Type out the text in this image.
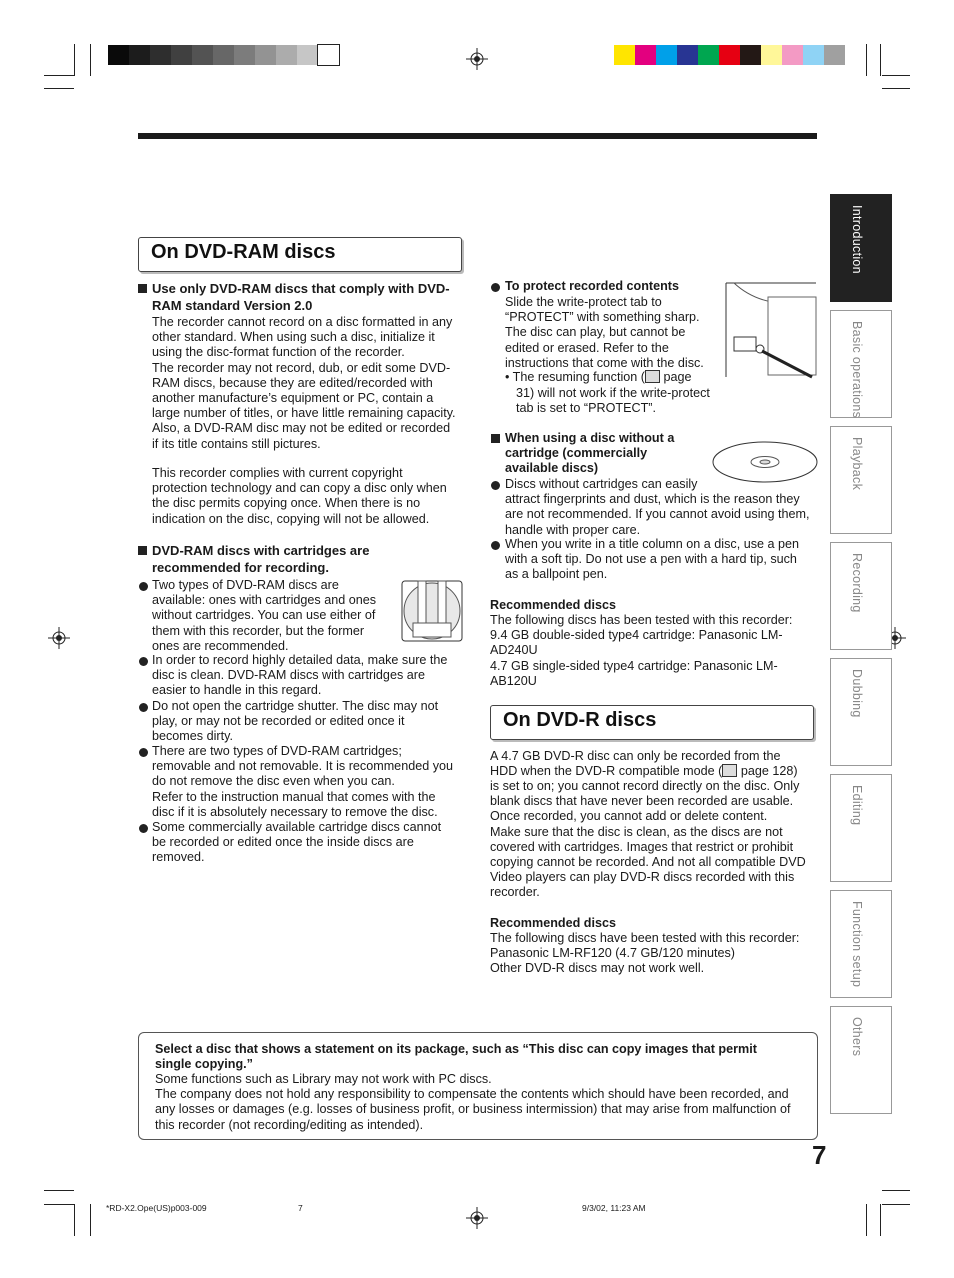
Introduction
Basic operations
Playback
Recording
Dubbing
Editing
Function setup
Others
On DVD-RAM discs
Use only DVD-RAM discs that comply with DVD-
RAM standard Version 2.0
The recorder cannot record on a disc formatted in any
other standard. When using such a disc, initialize it
using the disc-format function of the recorder.
The recorder may not record, dub, or edit some DVD-
RAM discs, because they are edited/recorded with
another manufacture’s equipment or PC, contain a
large number of titles, or have little remaining capacity.
Also, a DVD-RAM disc may not be edited or recorded
if its title contains still pictures.
This recorder complies with current copyright
protection technology and can copy a disc only when
the disc permits copying once. When there is no
indication on the disc, copying will not be allowed.
DVD-RAM discs with cartridges are
recommended for recording.
Two types of DVD-RAM discs are
available: ones with cartridges and ones
without cartridges. You can use either of
them with this recorder, but the former
ones are recommended.
In order to record highly detailed data, make sure the
disc is clean. DVD-RAM discs with cartridges are
easier to handle in this regard.
Do not open the cartridge shutter. The disc may not
play, or may not be recorded or edited once it
becomes dirty.
There are two types of DVD-RAM cartridges;
removable and not removable. It is recommended you
do not remove the disc even when you can.
Refer to the instruction manual that comes with the
disc if it is absolutely necessary to remove the disc.
Some commercially available cartridge discs cannot
be recorded or edited once the inside discs are
removed.
To protect recorded contents
Slide the write-protect tab to
“PROTECT” with something sharp.
The disc can play, but cannot be
edited or erased. Refer to the
instructions that come with the disc.
• The resuming function ( page
31) will not work if the write-protect
tab is set to “PROTECT”.
When using a disc without a
cartridge (commercially
available discs)
Discs without cartridges can easily
attract fingerprints and dust, which is the reason they
are not recommended. If you cannot avoid using them,
handle with proper care.
When you write in a title column on a disc, use a pen
with a soft tip. Do not use a pen with a hard tip, such
as a ballpoint pen.
Recommended discs
The following discs has been tested with this recorder:
9.4 GB double-sided type4 cartridge: Panasonic LM-
AD240U
4.7 GB single-sided type4 cartridge: Panasonic LM-
AB120U
On DVD-R discs
A 4.7 GB DVD-R disc can only be recorded from the
HDD when the DVD-R compatible mode ( page 128)
is set to on; you cannot record directly on the disc. Only
blank discs that have never been recorded are usable.
Once recorded, you cannot add or delete content.
Make sure that the disc is clean, as the discs are not
covered with cartridges. Images that restrict or prohibit
copying cannot be recorded. And not all compatible DVD
Video players can play DVD-R discs recorded with this
recorder.
Recommended discs
The following discs have been tested with this recorder:
Panasonic LM-RF120 (4.7 GB/120 minutes)
Other DVD-R discs may not work well.
Select a disc that shows a statement on its package, such as “This disc can copy images that permit
single copying.”
Some functions such as Library may not work with PC discs.
The company does not hold any responsibility to compensate the contents which should have been recorded, and
any losses or damages (e.g. losses of business profit, or business intermission) that may arise from malfunction of
this recorder (not recording/editing as intended).
7
*RD-X2.Ope(US)p003-009	7	9/3/02, 11:23 AM
